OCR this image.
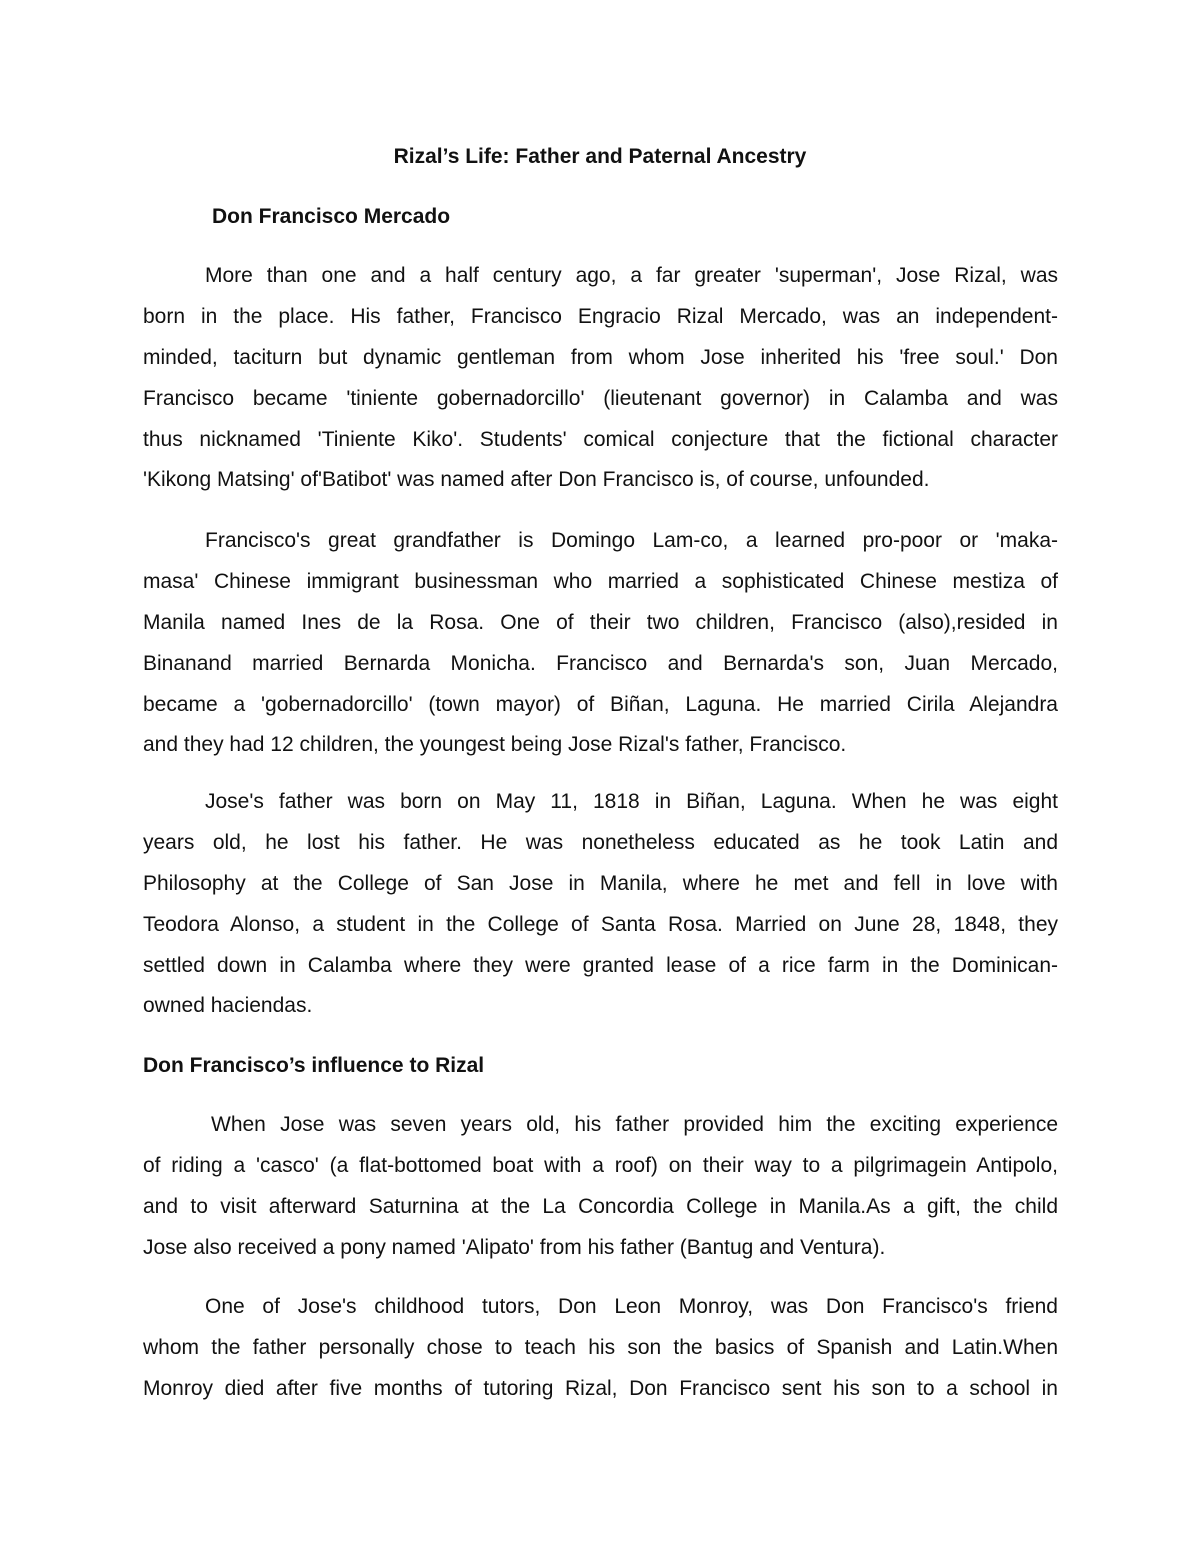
Rizal’s Life: Father and Paternal Ancestry
Don Francisco Mercado

More than one and a half century ago, a far greater 'superman', Jose Rizal, was
born in the place. His father, Francisco Engracio Rizal Mercado, was an independent-
minded, taciturn but dynamic gentleman from whom Jose inherited his 'free soul.' Don
Francisco became 'tiniente gobernadorcillo' (lieutenant governor) in Calamba and was
thus nicknamed 'Tiniente Kiko'. Students' comical conjecture that the fictional character
'Kikong Matsing' of'Batibot' was named after Don Francisco is, of course, unfounded.

Francisco's great grandfather is Domingo Lam-co, a learned pro-poor or 'maka-
masa' Chinese immigrant businessman who married a sophisticated Chinese mestiza of
Manila named Ines de la Rosa. One of their two children, Francisco (also),resided in
Binanand married Bernarda Monicha. Francisco and Bernarda's son, Juan Mercado,
became a 'gobernadorcillo' (town mayor) of Biñan, Laguna. He married Cirila Alejandra
and they had 12 children, the youngest being Jose Rizal's father, Francisco.

Jose's father was born on May 11, 1818 in Biñan, Laguna. When he was eight
years old, he lost his father. He was nonetheless educated as he took Latin and
Philosophy at the College of San Jose in Manila, where he met and fell in love with
Teodora Alonso, a student in the College of Santa Rosa. Married on June 28, 1848, they
settled down in Calamba where they were granted lease of a rice farm in the Dominican-
owned haciendas.

Don Francisco’s influence to Rizal

When Jose was seven years old, his father provided him the exciting experience
of riding a 'casco' (a flat-bottomed boat with a roof) on their way to a pilgrimagein Antipolo,
and to visit afterward Saturnina at the La Concordia College in Manila.As a gift, the child
Jose also received a pony named 'Alipato' from his father (Bantug and Ventura).

One of Jose's childhood tutors, Don Leon Monroy, was Don Francisco's friend
whom the father personally chose to teach his son the basics of Spanish and Latin.When
Monroy died after five months of tutoring Rizal, Don Francisco sent his son to a school in
